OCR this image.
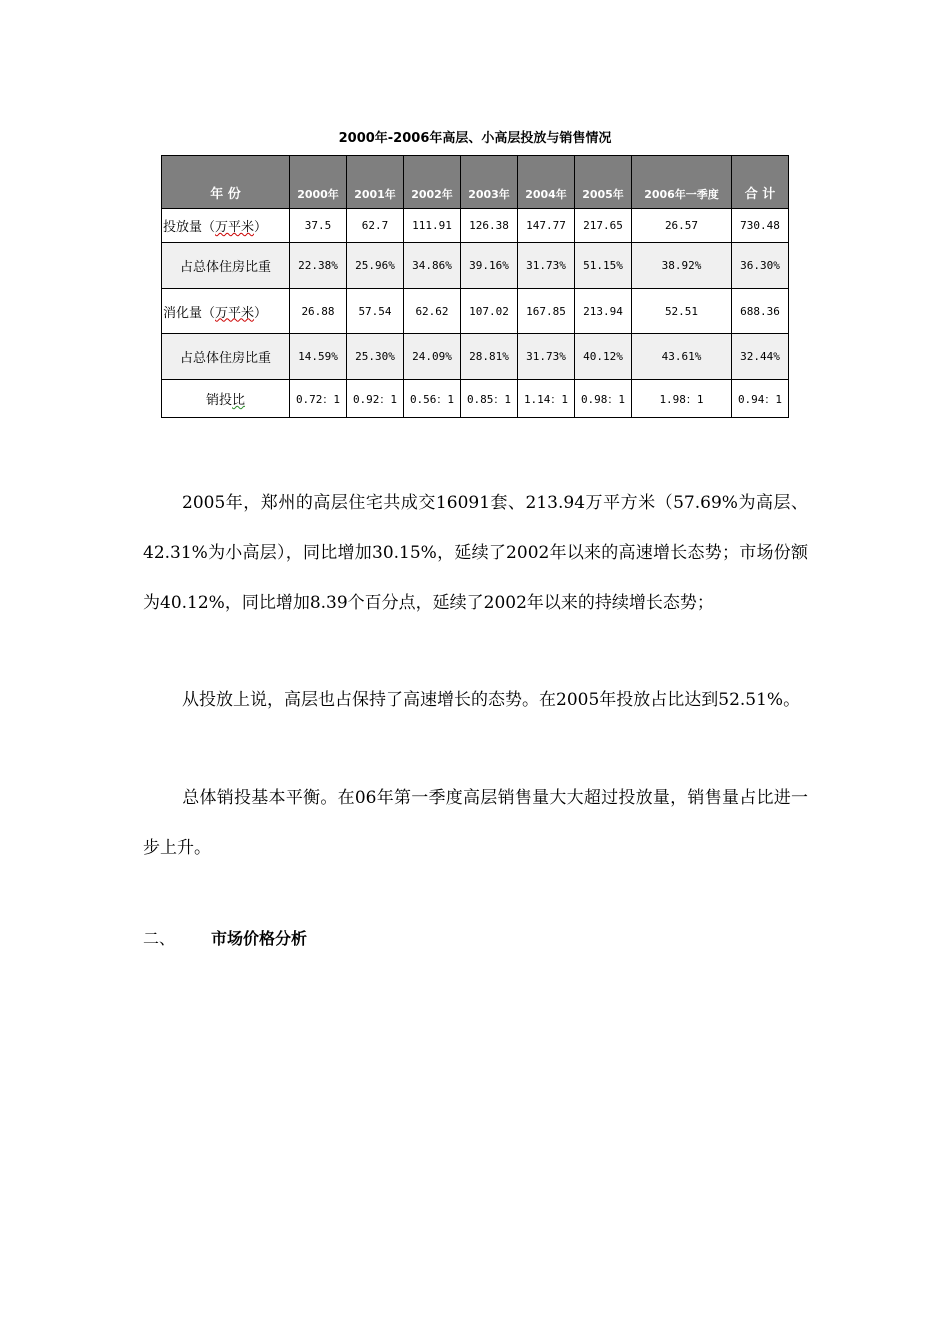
2000年-2006年高层、小高层投放与销售情况
年 份	2000年	2001年	2002年	2003年	2004年	2005年	2006年一季度	合 计
投放量（万平米）	37.5	62.7	111.91	126.38	147.77	217.65	26.57	730.48
占总体住房比重	22.38%	25.96%	34.86%	39.16%	31.73%	51.15%	38.92%	36.30%
消化量（万平米）	26.88	57.54	62.62	107.02	167.85	213.94	52.51	688.36
占总体住房比重	14.59%	25.30%	24.09%	28.81%	31.73%	40.12%	43.61%	32.44%
销投比	0.72：1	0.92：1	0.56：1	0.85：1	1.14：1	0.98：1	1.98：1	0.94：1

2005年，郑州的高层住宅共成交16091套、213.94万平方米（57.69%为高层、42.31%为小高层），同比增加30.15%，延续了2002年以来的高速增长态势；市场份额为40.12%，同比增加8.39个百分点，延续了2002年以来的持续增长态势；

从投放上说，高层也占保持了高速增长的态势。在2005年投放占比达到52.51%。

总体销投基本平衡。在06年第一季度高层销售量大大超过投放量，销售量占比进一步上升。

二、 市场价格分析
